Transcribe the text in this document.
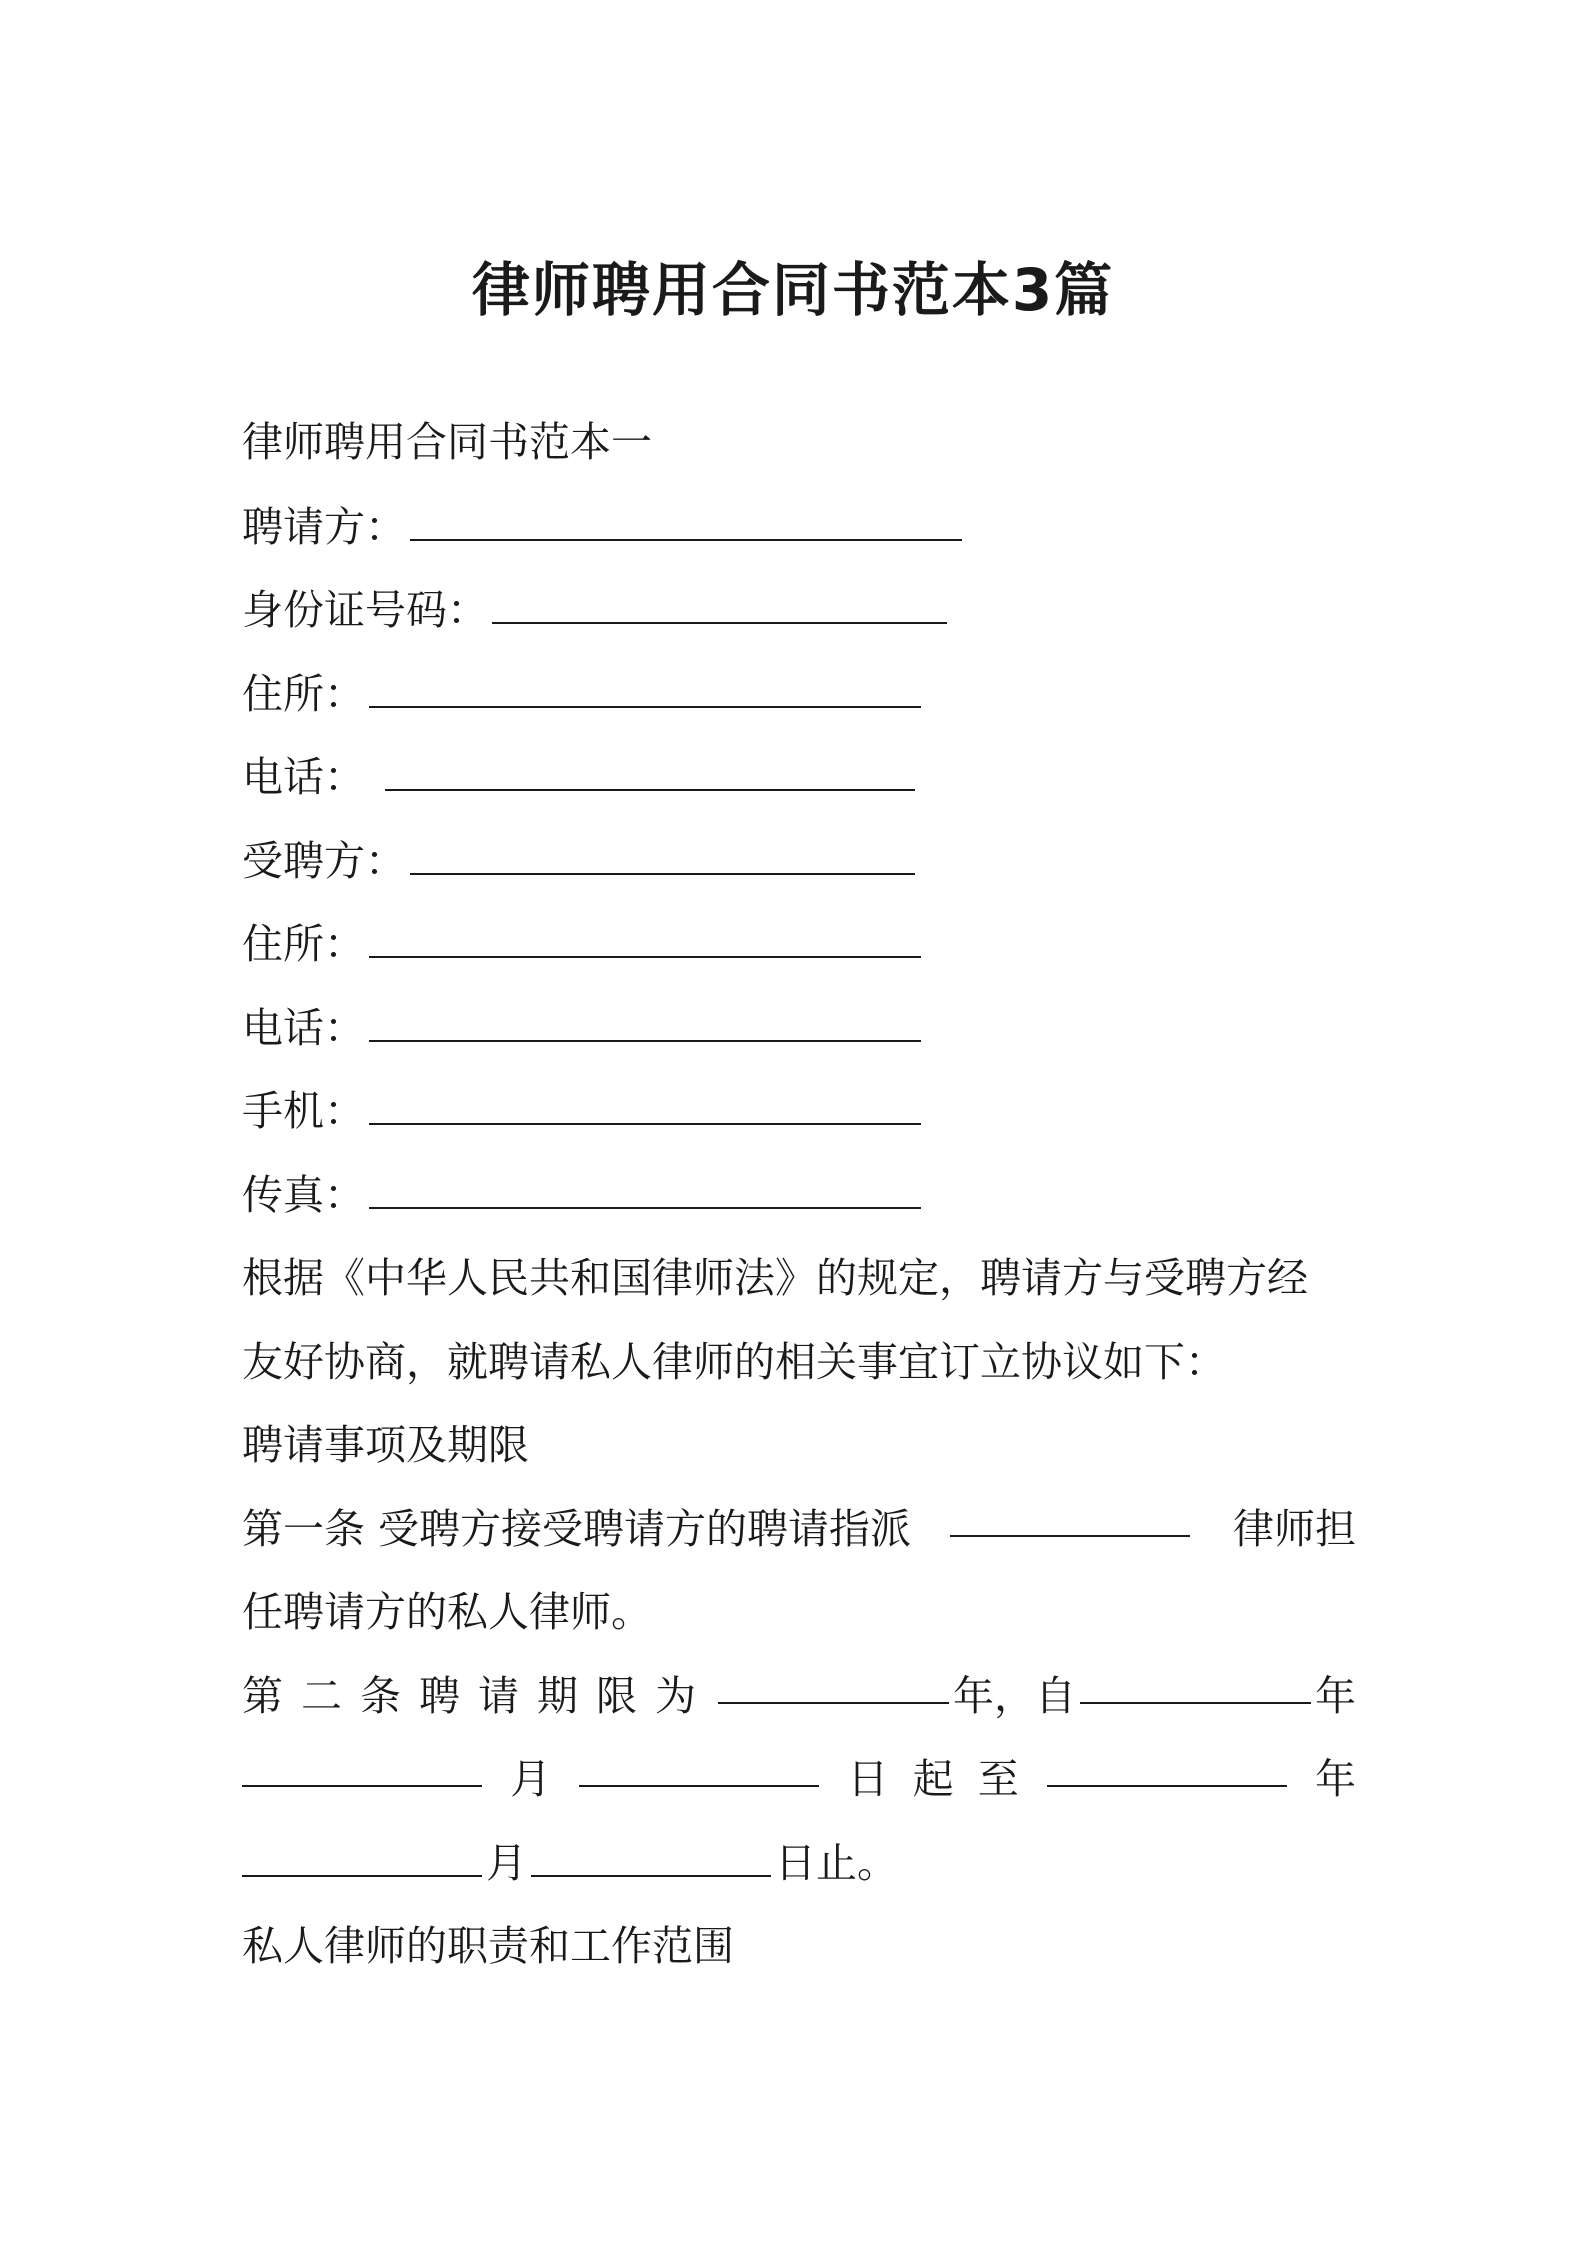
律师聘用合同书范本3篇
律师聘用合同书范本一
聘请方：
身份证号码：
住所：
电话：
受聘方：
住所：
电话：
手机：
传真：
根据《中华人民共和国律师法》的规定，聘请方与受聘方经
友好协商，就聘请私人律师的相关事宜订立协议如下：
聘请事项及期限
第一条 受聘方接受聘请方的聘请指派	律师担
任聘请方的私人律师。
第二条 聘请期限为	年 ，自	年
月	日 起 至	年
月	日止。
私人律师的职责和工作范围
